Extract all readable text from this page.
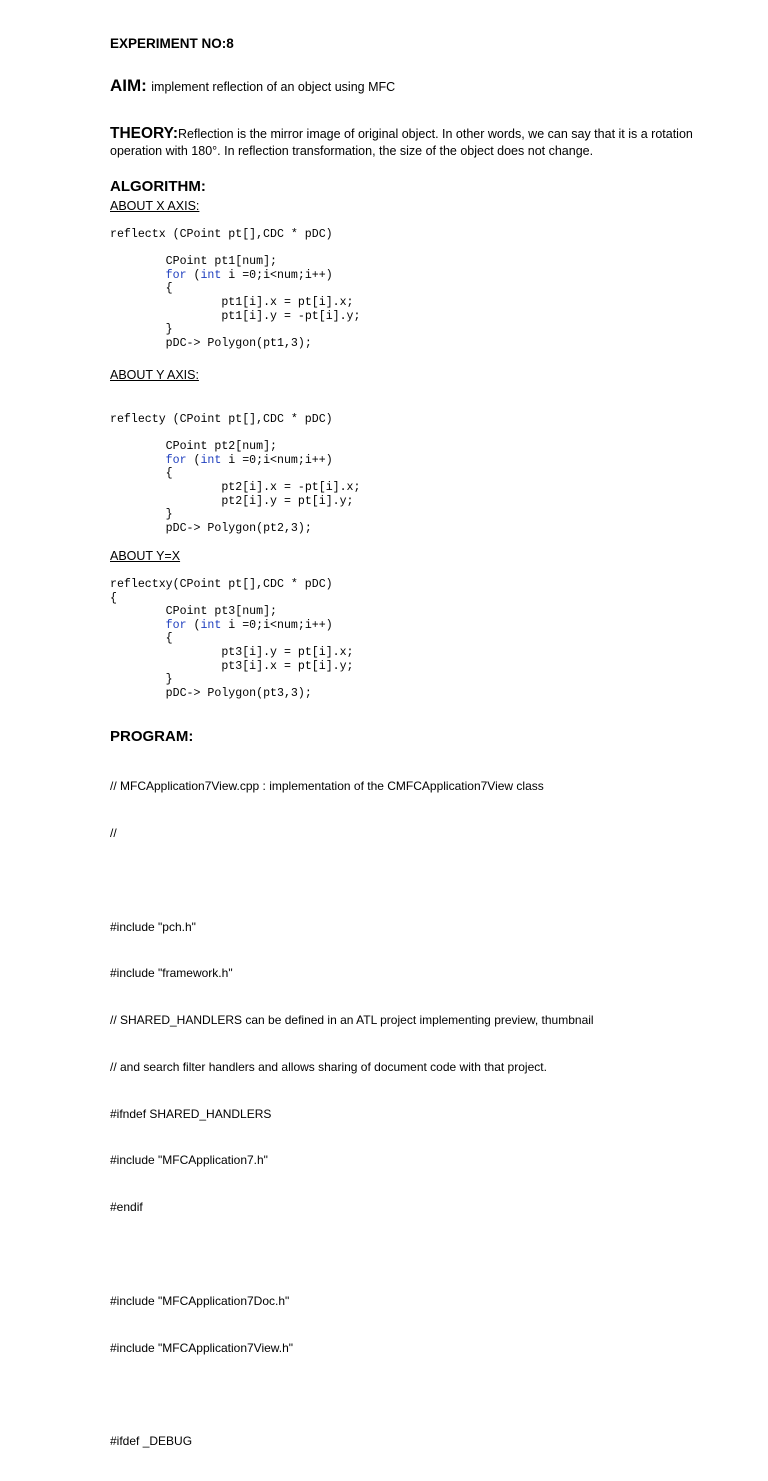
EXPERIMENT NO:8
AIM: implement reflection of an object using MFC
THEORY:Reflection is the mirror image of original object. In other words, we can say that it is a rotation operation with 180°. In reflection transformation, the size of the object does not change.
ALGORITHM:
ABOUT X AXIS:
reflectx (CPoint pt[],CDC * pDC)

CPoint pt1[num];
for (int i =0;i<num;i++)
{
pt1[i].x = pt[i].x;
pt1[i].y = -pt[i].y;
}
pDC-> Polygon(pt1,3);
ABOUT Y AXIS:
reflecty (CPoint pt[],CDC * pDC)

CPoint pt2[num];
for (int i =0;i<num;i++)
{
pt2[i].x = -pt[i].x;
pt2[i].y = pt[i].y;
}
pDC-> Polygon(pt2,3);
ABOUT Y=X
reflectxy(CPoint pt[],CDC * pDC)
{
CPoint pt3[num];
for (int i =0;i<num;i++)
{
pt3[i].y = pt[i].x;
pt3[i].x = pt[i].y;
}
pDC-> Polygon(pt3,3);
PROGRAM:

// MFCApplication7View.cpp : implementation of the CMFCApplication7View class

//

#include "pch.h"

#include "framework.h"

// SHARED_HANDLERS can be defined in an ATL project implementing preview, thumbnail

// and search filter handlers and allows sharing of document code with that project.

#ifndef SHARED_HANDLERS

#include "MFCApplication7.h"

#endif

#include "MFCApplication7Doc.h"

#include "MFCApplication7View.h"

#ifdef _DEBUG
